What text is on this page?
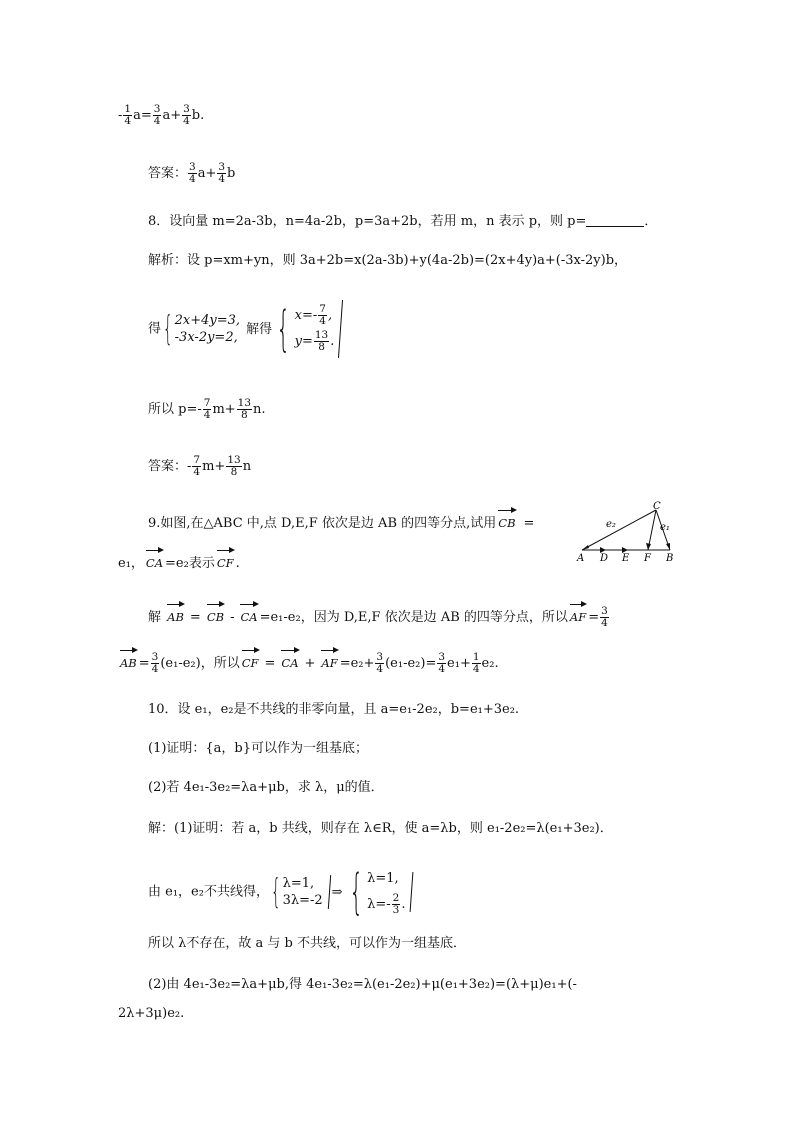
- $\frac{1}{4} a= \frac{3}{4} a+ \frac{3}{4} b$.
答案： $\frac{3}{4} a+ \frac{3}{4}$ b
8．设向量 m=2a-3b，n=4a-2b，p=3a+2b，若用 m，n 表示 p，则 p=	．
解析：设 p=xm+yn，则 3a+2b=x(2a-3b)+y(4a-2b)=(2x+4y)a+(-3x-2y)b，
得 { 2x+4y=3,
-3x-2y=2,
解得 { $x=- \frac{7}{4}$ ,
$y= \frac{13}{8}$ .
所以 $p=- \frac{7}{4} m+ \frac{13}{8} n$.
答案：- $\frac{7}{4} m+ \frac{13}{8}$ n
9.如图,在△ABC 中,点 D,E,F 依次是边 AB 的四等分点,试用 CB =
e₁， CA =e₂表示 CF .
C
A D E F B
e₁
e₂
解 AB = CB - CA =e₁-e₂，因为 D,E,F 依次是边 AB 的四等分点，所以 AF = $\frac{3}{4}$
AB = $\frac{3}{4} (e_1-e_2)$，所以 CF = CA + AF $=e_2+ \frac{3}{4} (e_1-e_2)= \frac{3}{4} e_1+ \frac{1}{4} e_2$.
10．设 e₁，e₂是不共线的非零向量，且 a=e₁-2e₂，b=e₁+3e₂.
(1)证明：{a，b}可以作为一组基底；
(2)若 4e₁-3e₂=λa+μb，求 λ，μ的值．
解：(1)证明：若 a，b 共线，则存在 λ∈R，使 a=λb，则 e₁-2e₂=λ(e₁+3e₂)．
由 e₁，e₂不共线得， { λ=1,
3λ=-2
⇒ { λ=1,
$\lambda=- \frac{2}{3}$ .
所以 λ不存在，故 a 与 b 不共线，可以作为一组基底．
(2)由 4e₁-3e₂=λa+μb,得 4e₁-3e₂=λ(e₁-2e₂)+μ(e₁+3e₂)=(λ+μ)e₁+(-
2λ+3μ)e₂.
